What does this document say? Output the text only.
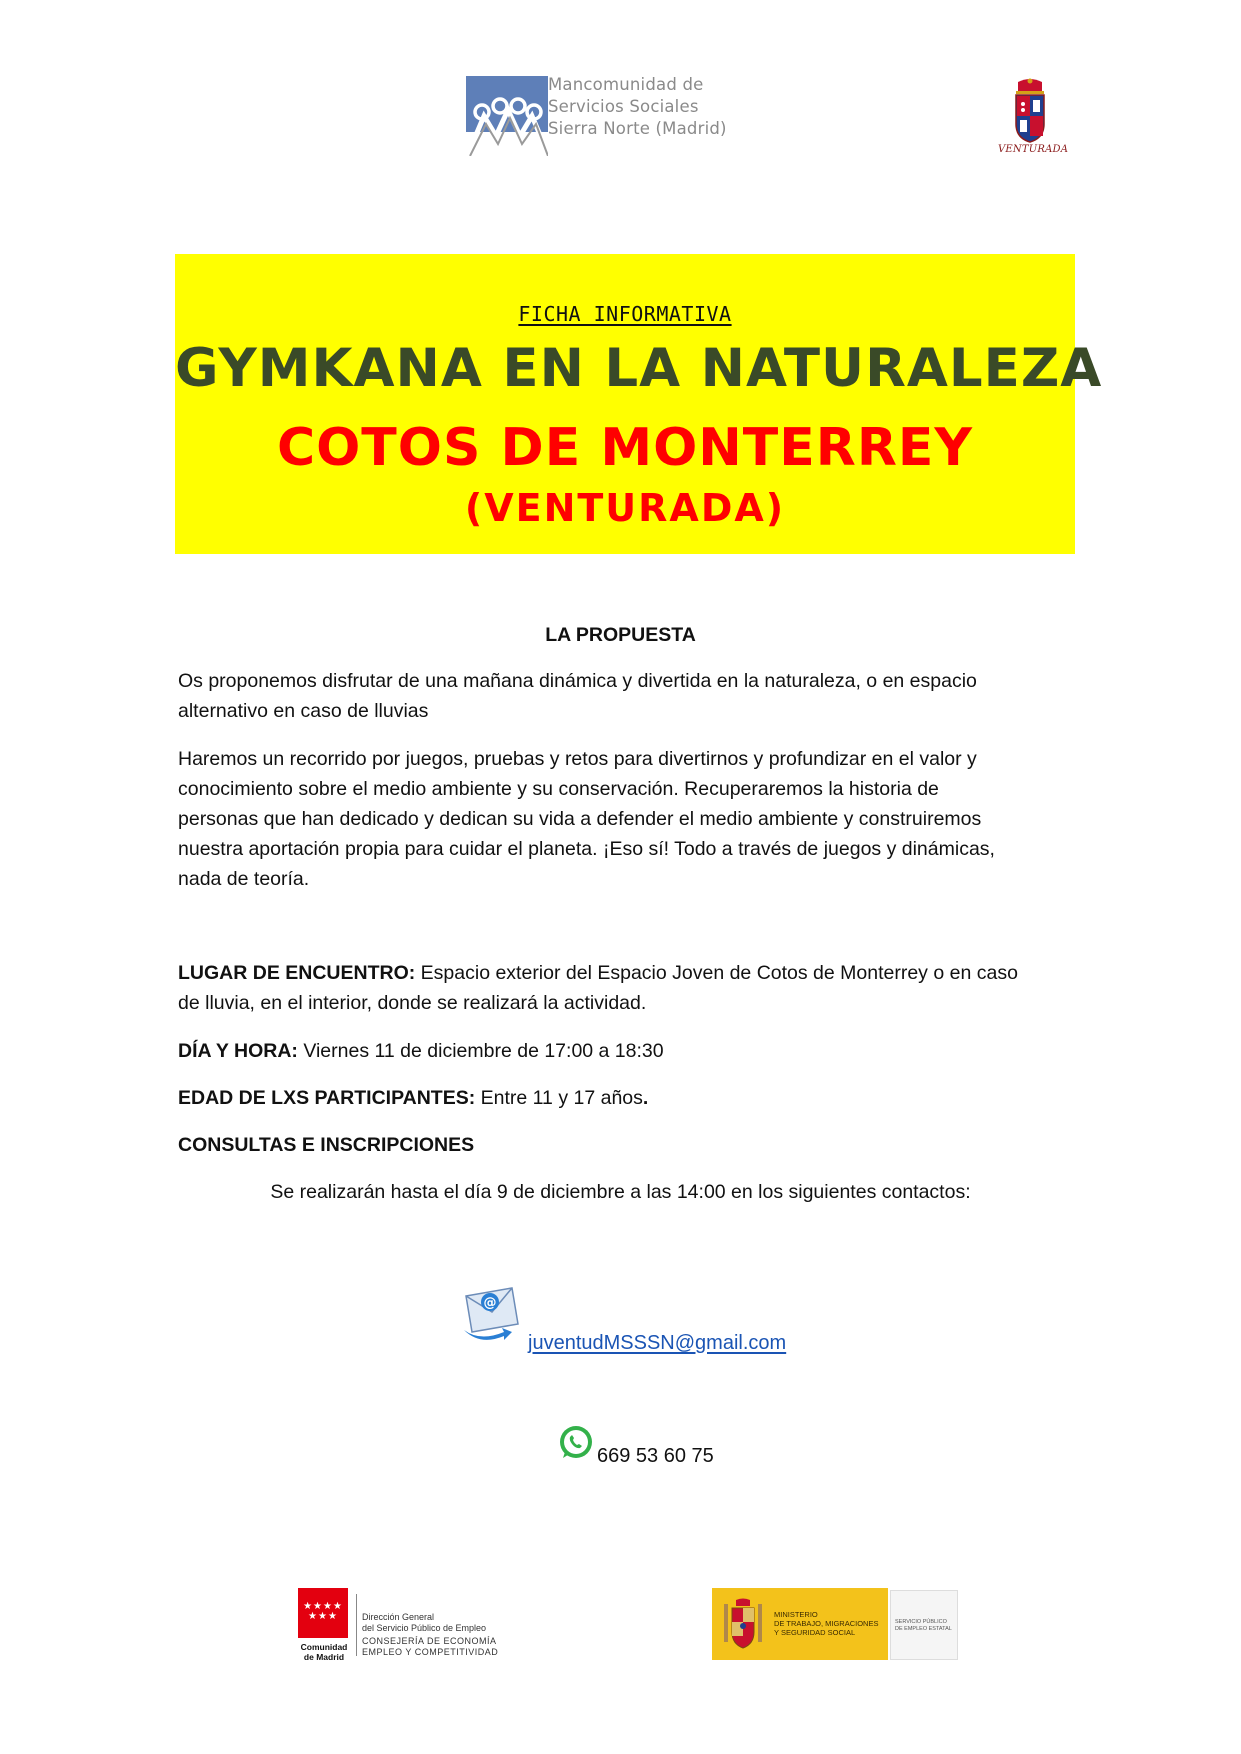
Mancomunidad de
Servicios Sociales
Sierra Norte (Madrid)
VENTURADA
FICHA INFORMATIVA
GYMKANA EN LA NATURALEZA
COTOS DE MONTERREY
(VENTURADA)
LA PROPUESTA
Os proponemos disfrutar de una mañana dinámica y divertida en la naturaleza, o en espacio
alternativo en caso de lluvias
Haremos un recorrido por juegos, pruebas y retos para divertirnos y profundizar en el valor y
conocimiento sobre el medio ambiente y su conservación. Recuperaremos la historia de
personas que han dedicado y dedican su vida a defender el medio ambiente y construiremos
nuestra aportación propia para cuidar el planeta. ¡Eso sí! Todo a través de juegos y dinámicas,
nada de teoría.
LUGAR DE ENCUENTRO: Espacio exterior del Espacio Joven de Cotos de Monterrey o en caso
de lluvia, en el interior, donde se realizará la actividad.
DÍA Y HORA: Viernes 11 de diciembre de 17:00 a 18:30
EDAD DE LXS PARTICIPANTES: Entre 11 y 17 años.
CONSULTAS E INSCRIPCIONES
Se realizarán hasta el día 9 de diciembre a las 14:00 en los siguientes contactos:
@
juventudMSSSN@gmail.com
669 53 60 75
★★★★
★★★
Comunidad
de Madrid
Dirección General
del Servicio Público de Empleo
CONSEJERÍA DE ECONOMÍA
EMPLEO Y COMPETITIVIDAD
MINISTERIO
DE TRABAJO, MIGRACIONES
Y SEGURIDAD SOCIAL
SERVICIO PÚBLICO
DE EMPLEO ESTATAL
